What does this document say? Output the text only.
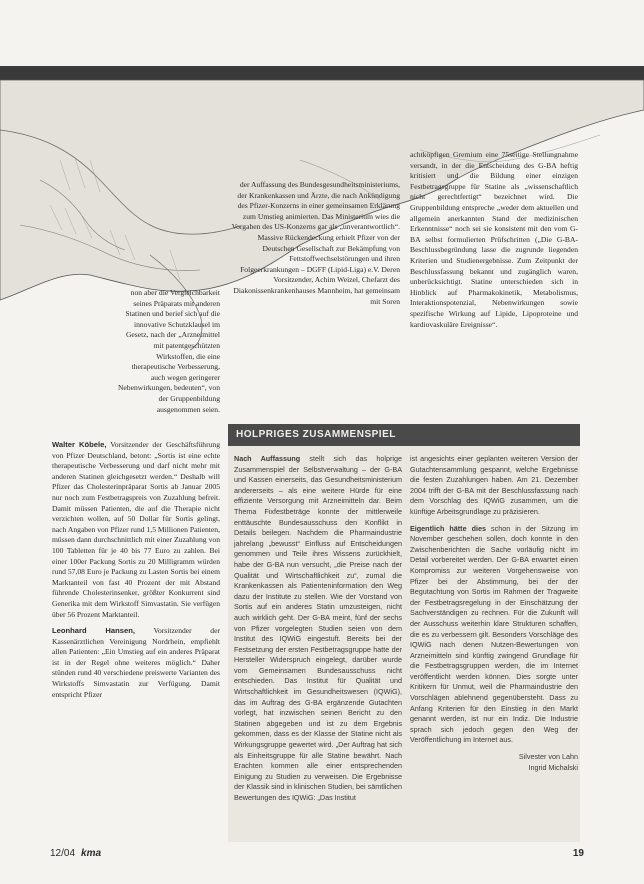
der Auffassung des Bundesgesundheitsministeriums, der Krankenkassen und Ärzte, die nach Ankündigung des Pfizer-Konzerns in einer gemeinsamen Erklärung zum Umstieg animierten. Das Ministerium wies die Vorgaben des US-Konzerns gar als „unverantwortlich“. Massive Rückendeckung erhielt Pfizer von der Deutschen Gesellschaft zur Bekämpfung von Fettstoffwechselstörungen und ihren Folgeerkrankungen – DGFF (Lipid-Liga) e.V. Deren Vorsitzender, Achim Weizel, Chefarzt des Diakonissenkrankenhauses Mannheim, hat gemeinsam mit Soren
non aber die Vergleichbarkeit seines Präparats mit anderen Statinen und berief sich auf die innovative Schutzklausel im Gesetz, nach der „Arzneimittel mit patentgeschützten Wirkstoffen, die eine therapeutische Verbesserung, auch wegen geringerer Nebenwirkungen, bedeuten“, von der Gruppenbildung ausgenommen seien.

achtköpfigen Gremium eine 75seitige Stellungnahme versandt, in der die Entscheidung des G-BA heftig kritisiert und die Bildung einer einzigen Festbetragsgruppe für Statine als „wissenschaftlich nicht gerechtfertigt“ bezeichnet wird. Die Gruppenbildung entspreche „weder dem aktuellen und allgemein anerkannten Stand der medizinischen Erkenntnisse“ noch sei sie konsistent mit den vom G-BA selbst formulierten Prüfschritten („Die G-BA-Beschlussbegründung lasse die zugrunde liegenden Kriterien und Studienergebnisse. Zum Zeitpunkt der Beschlussfassung bekannt und zugänglich waren, unberücksichtigt. Statine unterschieden sich in Hinblick auf Pharmakokinetik, Metabolismus, Interaktionspotenzial, Nebenwirkungen sowie spezifische Wirkung auf Lipide, Lipoproteine und kardiovaskuläre Ereignisse“.

Walter Köbele, Vorsitzender der Geschäftsführung von Pfizer Deutschland, betont: „Sortis ist eine echte therapeutische Verbesserung und darf nicht mehr mit anderen Statinen gleichgesetzt werden.“ Deshalb will Pfizer das Cholesterinpräparat Sortis ab Januar 2005 nur noch zum Festbetragspreis von Zuzahlung befreit. Damit müssen Patienten, die auf die Therapie nicht verzichten wollen, auf 50 Dollar für Sortis gelingt, nach Angaben von Pfizer rund 1,5 Millionen Patienten, müssen dann durchschnittlich mit einer Zuzahlung von 100 Tabletten für je 40 bis 77 Euro zu zahlen. Bei einer 100er Packung Sortis zu 20 Milligramm würden rund 57,08 Euro je Packung zu Lasten Sortis bei einem Marktanteil von fast 40 Prozent der mit Abstand führende Cholesterinsenker, größter Konkurrent sind Generika mit dem Wirkstoff Simvastatin. Sie verfügen über 56 Prozent Marktanteil.

Leonhard Hansen, Vorsitzender der Kassenärztlichen Vereinigung Nordrhein, empfiehlt allen Patienten: „Ein Umstieg auf ein anderes Präparat ist in der Regel ohne weiteres möglich.“ Daher stünden rund 40 verschiedene preiswerte Varianten des Wirkstoffs Simvastatin zur Verfügung. Damit entspricht Pfizer

HOLPRIGES ZUSAMMENSPIEL

Nach Auffassung stellt sich das holprige Zusammenspiel der Selbstverwaltung – der G-BA und Kassen einerseits, das Gesundheitsministerium andererseits – als eine weitere Hürde für eine effiziente Versorgung mit Arzneimitteln dar. Beim Thema Fixfestbeträge konnte der mittlerweile enttäuschte Bundesausschuss den Konflikt in Details beilegen. Nachdem die Pharmaindustrie jahrelang „bewusst“ Einfluss auf Entscheidungen genommen und Teile ihres Wissens zurückhielt, habe der G-BA nun versucht, „die Preise nach der Qualität und Wirtschaftlichkeit zu“, zumal die Krankenkassen als Patienteninformation den Weg dazu der Institute zu stellen. Wie der Vorstand von Sortis auf ein anderes Statin umzusteigen, nicht auch wirklich geht. Der G-BA meint, fünf der sechs von Pfizer vorgelegten Studien seien von dem Institut des IQWiG eingestuft. Bereits bei der Festsetzung der ersten Festbetragsgruppe hatte der Hersteller Widerspruch eingelegt, darüber wurde vom Gemeinsamen Bundesausschuss nicht entschieden. Das Institut für Qualität und Wirtschaftlichkeit im Gesundheitswesen (IQWiG), das im Auftrag des G-BA ergänzende Gutachten vorlegt, hat inzwischen seinen Bericht zu den Statinen abgegeben und ist zu dem Ergebnis gekommen, dass es der Klasse der Statine nicht als Wirkungsgruppe gewertet wird. „Der Auftrag hat sich als Einheitsgruppe für alle Statine bewährt. Nach Erachten kommen alle einer entsprechenden Einigung zu Studien zu verweisen. Die Ergebnisse der Klassik sind in klinischen Studien, bei sämtlichen Bewertungen des IQWiG: „Das Institut

ist angesichts einer geplanten weiteren Version der Gutachtensammlung gespannt, welche Ergebnisse die festen Zuzahlungen haben. Am 21. Dezember 2004 trifft der G-BA mit der Beschlussfassung nach dem Vorschlag des IQWiG zusammen, um die künftige Arbeitsgrundlage zu präzisieren.

Eigentlich hätte dies schon in der Sitzung im November geschehen sollen, doch konnte in den Zwischenberichten die Sache vorläufig nicht im Detail vorbereitet werden. Der G-BA erwartet einen Kompromiss zur weiteren Vorgehensweise von Pfizer bei der Abstimmung, bei der der Begutachtung von Sortis im Rahmen der Tragweite der Festbetragsregelung in der Einschätzung der Sachverständigen zu rechnen. Für die Zukunft will der Ausschuss weiterhin klare Strukturen schaffen, die es zu verbessern gilt. Besonders Vorschläge des IQWiG nach denen Nutzen-Bewertungen von Arzneimitteln sind künftig zwingend Grundlage für die Festbetragsgruppen werden, die im Internet veröffentlicht werden können. Dies sorgte unter Kritikern für Unmut, weil die Pharmaindustrie den Vorschlägen ablehnend gegenübersteht. Dass zu Anfang Kriterien für den Einstieg in den Markt genannt werden, ist nur ein Indiz. Die Industrie sprach sich jedoch gegen den Weg der Veröffentlichung im Internet aus.

Silvester von Lahn
Ingrid Michalski
12/04 kma	19
